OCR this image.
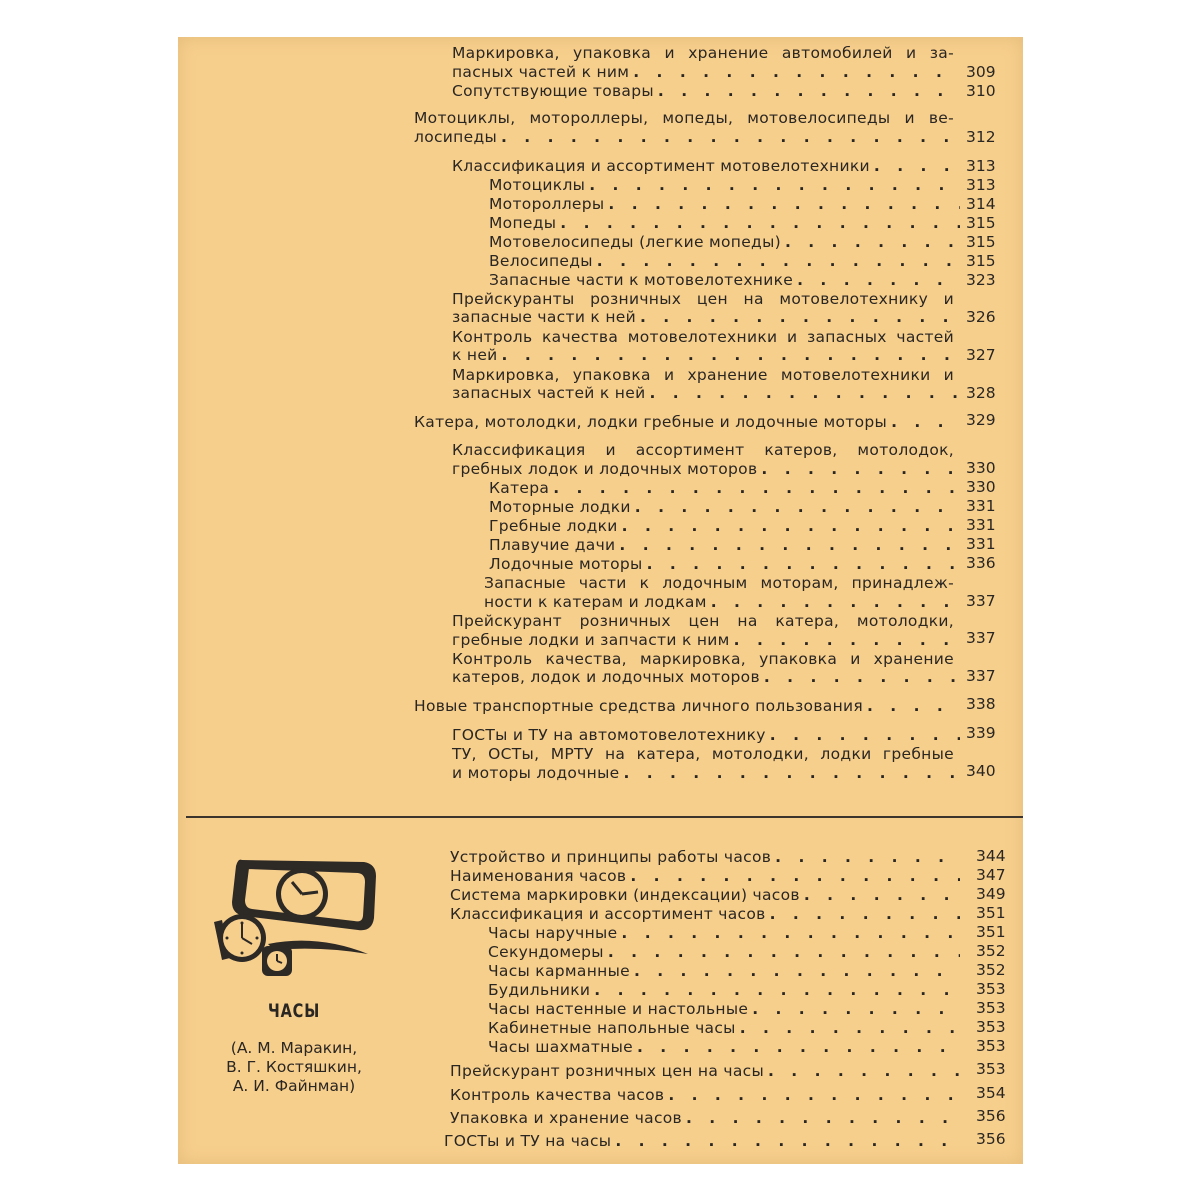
Маркировка, упаковка и хранение автомобилей и за-
пасных частей к ним . . .	309
Сопутствующие товары . . .	310
Мотоциклы, мотороллеры, мопеды, мотовелосипеды и ве-
лосипеды . . .	312
Классификация и ассортимент мотовелотехники . . .	313
Мотоциклы . . .	313
Мотороллеры . . .	314
Мопеды . . .	315
Мотовелосипеды (легкие мопеды) . . .	315
Велосипеды . . .	315
Запасные части к мотовелотехнике . . .	323
Прейскуранты розничных цен на мотовелотехнику и
запасные части к ней . . .	326
Контроль качества мотовелотехники и запасных частей
к ней . . .	327
Маркировка, упаковка и хранение мотовелотехники и
запасных частей к ней . . .	328
Катера, мотолодки, лодки гребные и лодочные моторы . . .	329
Классификация и ассортимент катеров, мотолодок,
гребных лодок и лодочных моторов . . .	330
Катера . . .	330
Моторные лодки . . .	331
Гребные лодки . . .	331
Плавучие дачи . . .	331
Лодочные моторы . . .	336
Запасные части к лодочным моторам, принадлеж-
ности к катерам и лодкам . . .	337
Прейскурант розничных цен на катера, мотолодки,
гребные лодки и запчасти к ним . . .	337
Контроль качества, маркировка, упаковка и хранение
катеров, лодок и лодочных моторов . . .	337
Новые транспортные средства личного пользования . . .	338
ГОСТы и ТУ на автомотовелотехнику . . .	339
ТУ, ОСТы, МРТУ на катера, мотолодки, лодки гребные
и моторы лодочные . . .	340
ЧАСЫ
(А. М. Маракин,
В. Г. Костяшкин,
А. И. Файнман)
Устройство и принципы работы часов . . .	344
Наименования часов . . .	347
Система маркировки (индексации) часов . . .	349
Классификация и ассортимент часов . . .	351
Часы наручные . . .	351
Секундомеры . . .	352
Часы карманные . . .	352
Будильники . . .	353
Часы настенные и настольные . . .	353
Кабинетные напольные часы . . .	353
Часы шахматные . . .	353
Прейскурант розничных цен на часы . . .	353
Контроль качества часов . . .	354
Упаковка и хранение часов . . .	356
ГОСТы и ТУ на часы . . .	356
